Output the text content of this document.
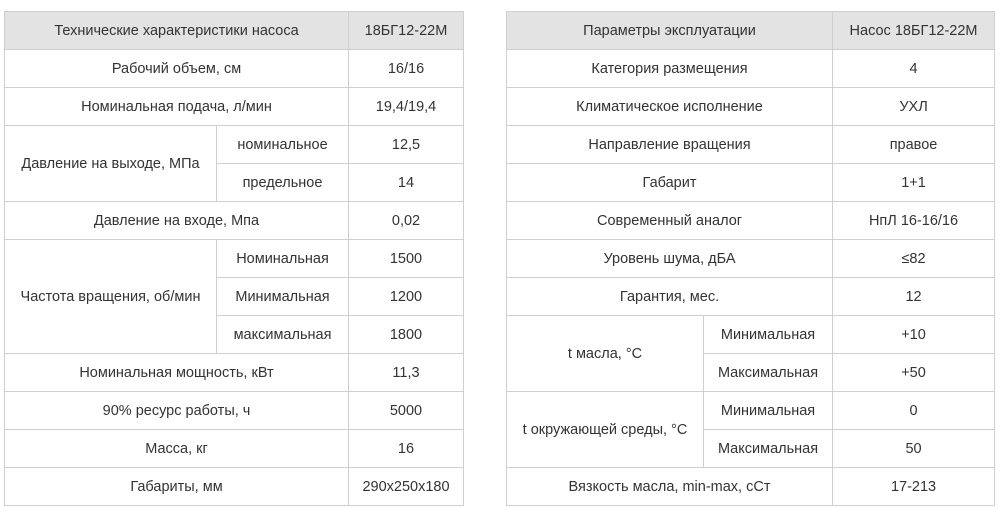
Технические характеристики насоса		18БГ12-22М
Рабочий объем, см		16/16
Номинальная подача, л/мин		19,4/19,4
Давление на выходе, МПа	номинальное	12,5
	предельное	14
Давление на входе, Мпа		0,02
Частота вращения, об/мин	Номинальная	1500
	Минимальная	1200
	максимальная	1800
Номинальная мощность, кВт		11,3
90% ресурс работы, ч		5000
Масса, кг		16
Габариты, мм		290x250x180
Параметры эксплуатации		Насос 18БГ12-22М
Категория размещения		4
Климатическое исполнение		УХЛ
Направление вращения		правое
Габарит		1+1
Современный аналог		НпЛ 16-16/16
Уровень шума, дБА		≤82
Гарантия, мес.		12
t масла, °C	Минимальная	+10
	Максимальная	+50
t окружающей среды, °C	Минимальная	0
	Максимальная	50
Вязкость масла, min-max, сСт		17-213
